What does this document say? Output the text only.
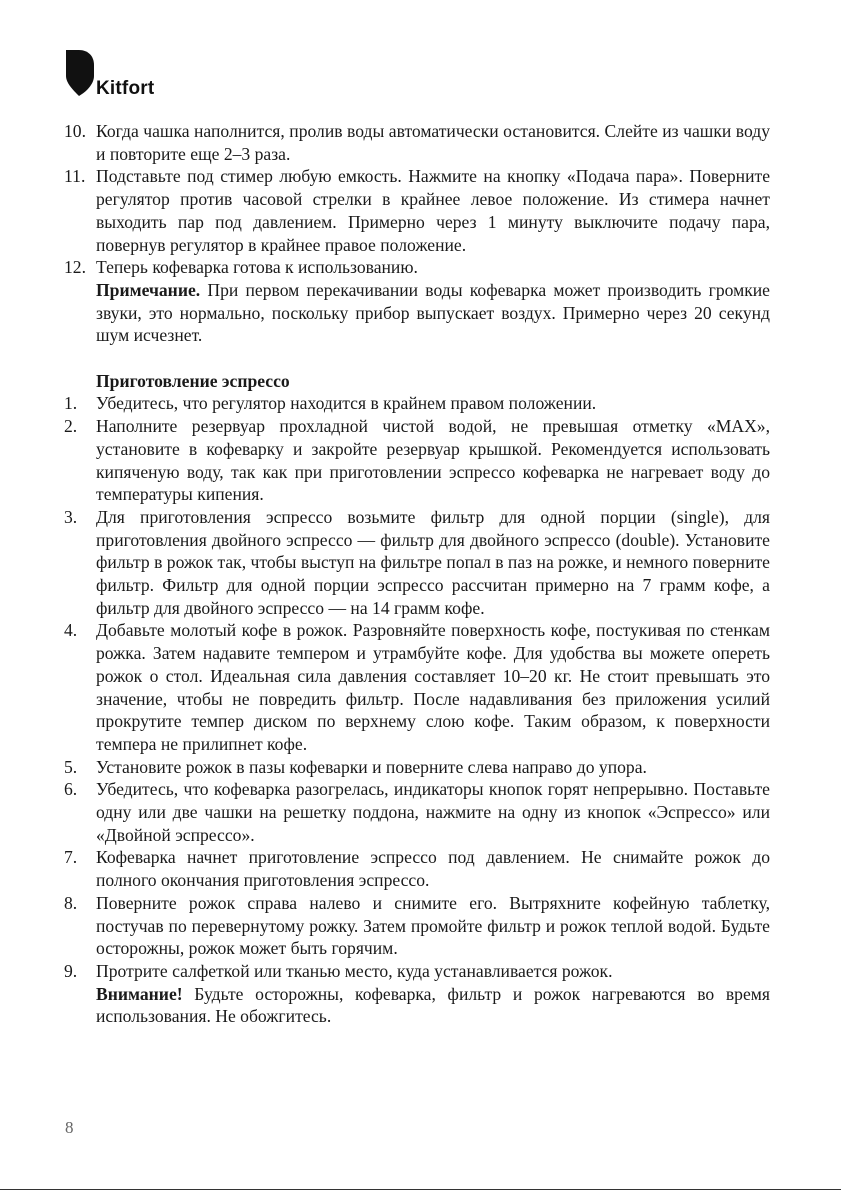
Kitfort
10. Когда чашка наполнится, пролив воды автоматически остановится. Слейте из чашки воду и повторите еще 2–3 раза.
11. Подставьте под стимер любую емкость. Нажмите на кнопку «Подача пара». Поверните регулятор против часовой стрелки в крайнее левое положение. Из стимера начнет выходить пар под давлением. Примерно через 1 минуту выключите подачу пара, повернув регулятор в крайнее правое положение.
12. Теперь кофеварка готова к использованию.
Примечание. При первом перекачивании воды кофеварка может производить громкие звуки, это нормально, поскольку прибор выпускает воздух. Примерно через 20 секунд шум исчезнет.
Приготовление эспрессо
1.	Убедитесь, что регулятор находится в крайнем правом положении.
2.	Наполните резервуар прохладной чистой водой, не превышая отметку «MAX», установите в кофеварку и закройте резервуар крышкой. Рекомендуется использовать кипяченую воду, так как при приготовлении эспрессо кофеварка не нагревает воду до температуры кипения.
3.	Для приготовления эспрессо возьмите фильтр для одной порции (single), для приготовления двойного эспрессо — фильтр для двойного эспрессо (double). Установите фильтр в рожок так, чтобы выступ на фильтре попал в паз на рожке, и немного поверните фильтр. Фильтр для одной порции эспрессо рассчитан примерно на 7 грамм кофе, а фильтр для двойного эспрессо — на 14 грамм кофе.
4.	Добавьте молотый кофе в рожок. Разровняйте поверхность кофе, постукивая по стенкам рожка. Затем надавите темпером и утрамбуйте кофе. Для удобства вы можете опереть рожок о стол. Идеальная сила давления составляет 10–20 кг. Не стоит превышать это значение, чтобы не повредить фильтр. После надавливания без приложения усилий прокрутите темпер диском по верхнему слою кофе. Таким образом, к поверхности темпера не прилипнет кофе.
5.	Установите рожок в пазы кофеварки и поверните слева направо до упора.
6.	Убедитесь, что кофеварка разогрелась, индикаторы кнопок горят непрерывно. Поставьте одну или две чашки на решетку поддона, нажмите на одну из кнопок «Эспрессо» или «Двойной эспрессо».
7.	Кофеварка начнет приготовление эспрессо под давлением. Не снимайте рожок до полного окончания приготовления эспрессо.
8.	Поверните рожок справа налево и снимите его. Вытряхните кофейную таблетку, постучав по перевернутому рожку. Затем промойте фильтр и рожок теплой водой. Будьте осторожны, рожок может быть горячим.
9.	Протрите салфеткой или тканью место, куда устанавливается рожок.
Внимание! Будьте осторожны, кофеварка, фильтр и рожок нагреваются во время использования. Не обожгитесь.
8
